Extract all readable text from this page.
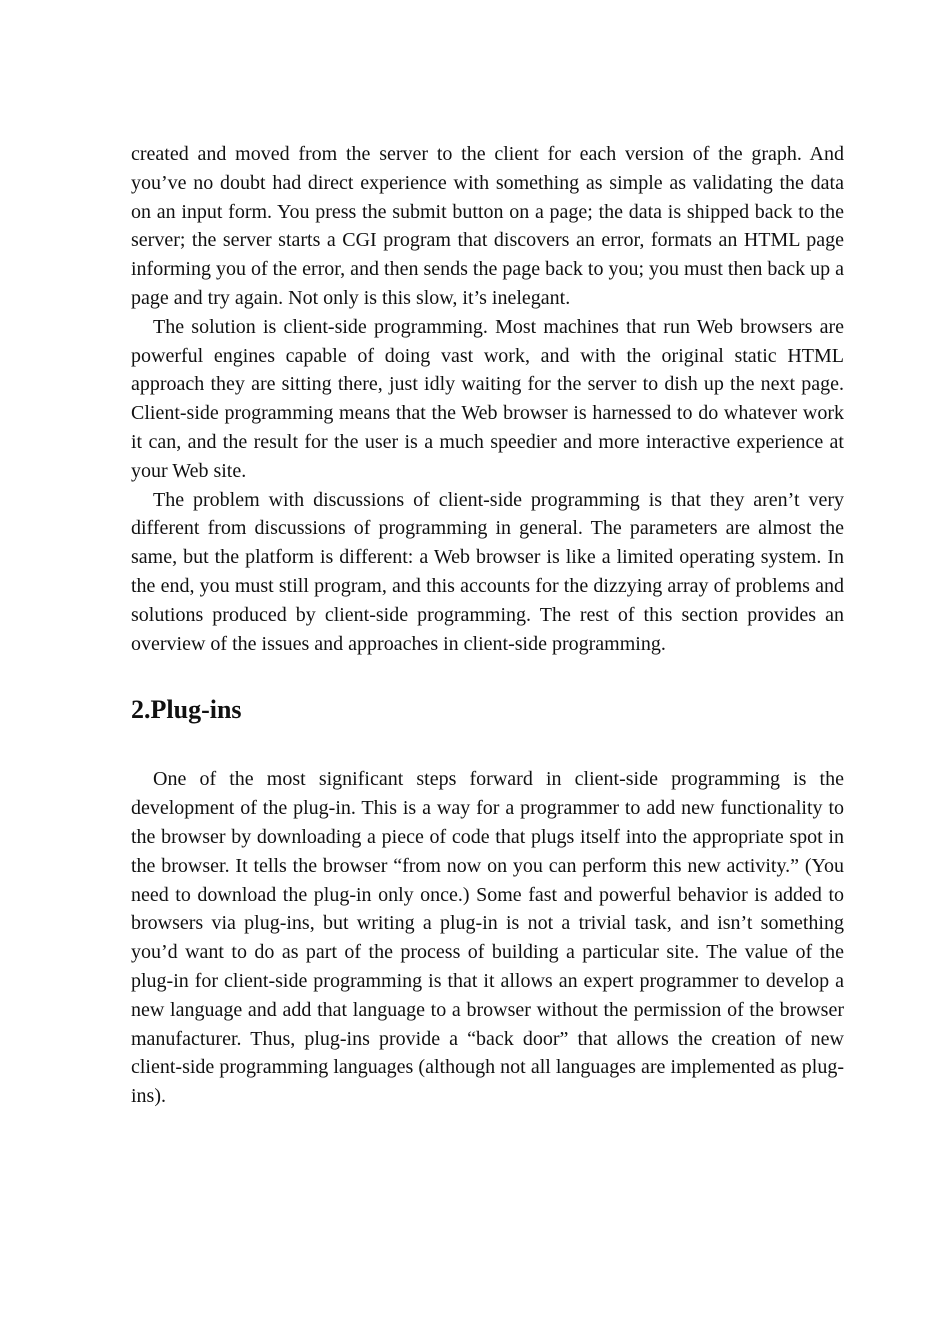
created and moved from the server to the client for each version of the graph. And you’ve no doubt had direct experience with something as simple as validating the data on an input form. You press the submit button on a page; the data is shipped back to the server; the server starts a CGI program that discovers an error, formats an HTML page informing you of the error, and then sends the page back to you; you must then back up a page and try again. Not only is this slow, it’s inelegant.

The solution is client-side programming. Most machines that run Web browsers are powerful engines capable of doing vast work, and with the original static HTML approach they are sitting there, just idly waiting for the server to dish up the next page. Client-side programming means that the Web browser is harnessed to do whatever work it can, and the result for the user is a much speedier and more interactive experience at your Web site.

The problem with discussions of client-side programming is that they aren’t very different from discussions of programming in general. The parameters are almost the same, but the platform is different: a Web browser is like a limited operating system. In the end, you must still program, and this accounts for the dizzying array of problems and solutions produced by client-side programming. The rest of this section provides an overview of the issues and approaches in client-side programming.

2.Plug-ins

One of the most significant steps forward in client-side programming is the development of the plug-in. This is a way for a programmer to add new functionality to the browser by downloading a piece of code that plugs itself into the appropriate spot in the browser. It tells the browser “from now on you can perform this new activity.” (You need to download the plug-in only once.) Some fast and powerful behavior is added to browsers via plug-ins, but writing a plug-in is not a trivial task, and isn’t something you’d want to do as part of the process of building a particular site. The value of the plug-in for client-side programming is that it allows an expert programmer to develop a new language and add that language to a browser without the permission of the browser manufacturer. Thus, plug-ins provide a “back door” that allows the creation of new client-side programming languages (although not all languages are implemented as plug-ins).
